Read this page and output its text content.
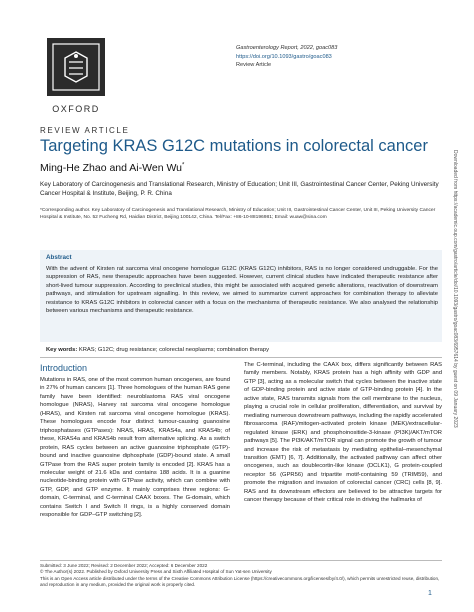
OXFORD
Gastroenterology Report, 2022, goac083
https://doi.org/10.1093/gastro/goac083
Review Article
Downloaded from https://academic.oup.com/gastro/article/doi/10.1093/gastro/goac083/6957614 by guest on 09 January 2023
REVIEW ARTICLE
Targeting KRAS G12C mutations in colorectal cancer
Ming-He Zhao and Ai-Wen Wu*
Key Laboratory of Carcinogenesis and Translational Research, Ministry of Education; Unit III, Gastrointestinal Cancer Center, Peking University Cancer Hospital & Institute, Beijing, P. R. China
*Corresponding author. Key Laboratory of Carcinogenesis and Translational Research, Ministry of Education; Unit III, Gastrointestinal Cancer Center, Unit III, Peking University Cancer Hospital & Institute, No. 52 Fucheng Rd, Haidian District, Beijing 100142, China. Tel/Fax: +86-10-88196981; Email: wuaw@sina.com
Abstract
With the advent of Kirsten rat sarcoma viral oncogene homologue G12C (KRAS G12C) inhibitors, RAS is no longer considered undruggable. For the suppression of RAS, new therapeutic approaches have been suggested. However, current clinical studies have indicated therapeutic resistance after short-lived tumour suppression. According to preclinical studies, this might be associated with acquired genetic alterations, reactivation of downstream pathways, and stimulation for upstream signalling. In this review, we aimed to summarize current approaches for combination therapy to alleviate resistance to KRAS G12C inhibitors in colorectal cancer with a focus on the mechanisms of therapeutic resistance. We also analysed the relationship between various mechanisms and therapeutic resistance.
Key words: KRAS; G12C; drug resistance; colorectal neoplasms; combination therapy
Introduction
Mutations in RAS, one of the most common human oncogenes, are found in 27% of human cancers [1]. Three homologues of the human RAS gene family have been identified: neuroblastoma RAS viral oncogene homologue (NRAS), Harvey rat sarcoma viral oncogene homologue (HRAS), and Kirsten rat sarcoma viral oncogene homologue (KRAS). These homologues encode four distinct tumour-causing guanosine triphosphatases (GTPases): NRAS, HRAS, KRAS4a, and KRAS4b; of these, KRAS4a and KRAS4b result from alternative splicing. As a switch protein, RAS cycles between an active guanosine triphosphate (GTP)-bound and inactive guanosine diphosphate (GDP)-bound state. A small GTPase from the RAS super protein family is encoded [2]. KRAS has a molecular weight of 21.6 kDa and contains 188 acids. It is a guanine nucleotide-binding protein with GTPase activity, which can combine with GTP, GDP, and GTP enzyme. It mainly comprises three regions: G-domain, C-terminal, and C-terminal CAAX boxes. The G-domain, which contains Switch I and Switch II rings, is a highly conserved domain responsible for GDP–GTP switching [2].
The C-terminal, including the CAAX box, differs significantly between RAS family members. Notably, KRAS protein has a high affinity with GDP and GTP [3], acting as a molecular switch that cycles between the inactive state of GDP-binding protein and active state of GTP-binding protein [4]. In the active state, RAS transmits signals from the cell membrane to the nucleus, playing a crucial role in cellular proliferation, differentiation, and survival by mediating numerous downstream pathways, including the rapidly accelerated fibrosarcoma (RAF)/mitogen-activated protein kinase (MEK)/extracellular-regulated kinase (ERK) and phosphoinositide-3-kinase (PI3K)/AKT/mTOR pathways [5]. The PI3K/AKT/mTOR signal can promote the growth of tumour and increase the risk of metastasis by mediating epithelial–mesenchymal transition (EMT) [6, 7]. Additionally, the activated pathway can affect other oncogenes, such as doublecortin-like kinase (DCLK1), G protein-coupled receptor 56 (GPR56) and tripartite motif-containing 59 (TRIM59), and promote the migration and invasion of colorectal cancer (CRC) cells [8, 9]. RAS and its downstream effectors are believed to be attractive targets for cancer therapy because of their critical role in driving the hallmarks of
Submitted: 3 June 2022; Revised: 2 December 2022; Accepted: 6 December 2022
© The Author(s) 2022. Published by Oxford University Press and Sixth Affiliated Hospital of Sun Yat-sen University
This is an Open Access article distributed under the terms of the Creative Commons Attribution License (https://creativecommons.org/licenses/by/4.0/), which permits unrestricted reuse, distribution, and reproduction in any medium, provided the original work is properly cited.
1
